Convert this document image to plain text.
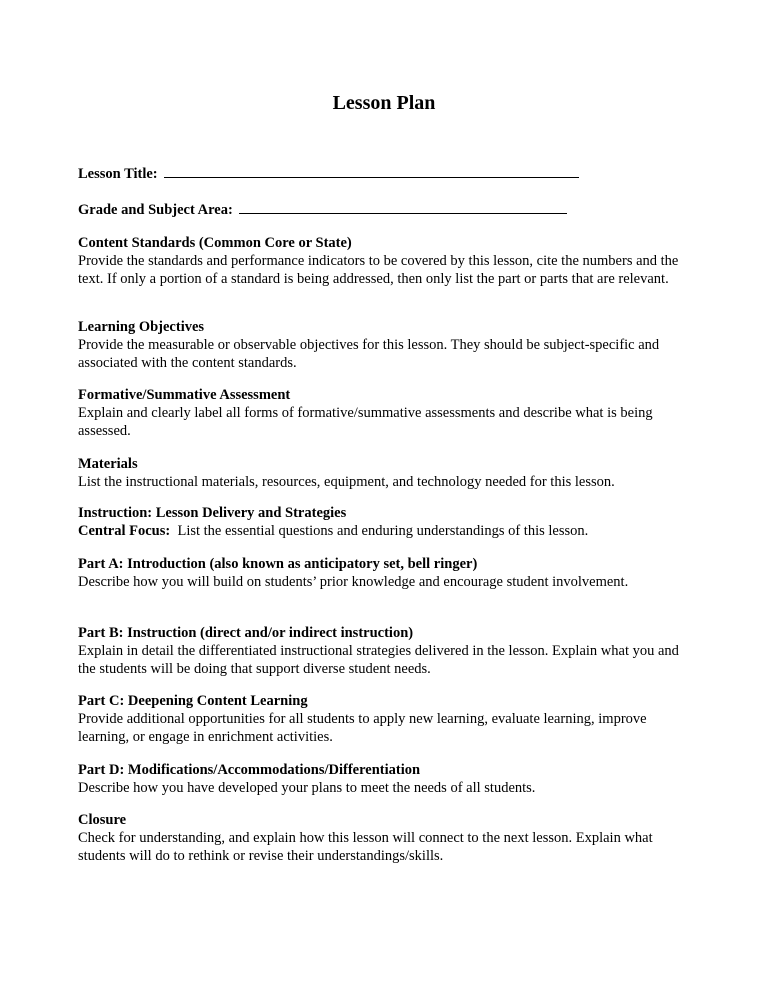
Lesson Plan
Lesson Title:
Grade and Subject Area:
Content Standards (Common Core or State)

Provide the standards and performance indicators to be covered by this lesson, cite the numbers and the text. If only a portion of a standard is being addressed, then only list the part or parts that are relevant.

Learning Objectives

Provide the measurable or observable objectives for this lesson. They should be subject-specific and associated with the content standards.

Formative/Summative Assessment

Explain and clearly label all forms of formative/summative assessments and describe what is being assessed.

Materials

List the instructional materials, resources, equipment, and technology needed for this lesson.

Instruction: Lesson Delivery and Strategies

Central Focus: List the essential questions and enduring understandings of this lesson.

Part A: Introduction (also known as anticipatory set, bell ringer)

Describe how you will build on students’ prior knowledge and encourage student involvement.

Part B: Instruction (direct and/or indirect instruction)

Explain in detail the differentiated instructional strategies delivered in the lesson. Explain what you and the students will be doing that support diverse student needs.

Part C: Deepening Content Learning

Provide additional opportunities for all students to apply new learning, evaluate learning, improve learning, or engage in enrichment activities.

Part D: Modifications/Accommodations/Differentiation

Describe how you have developed your plans to meet the needs of all students.

Closure

Check for understanding, and explain how this lesson will connect to the next lesson. Explain what students will do to rethink or revise their understandings/skills.
